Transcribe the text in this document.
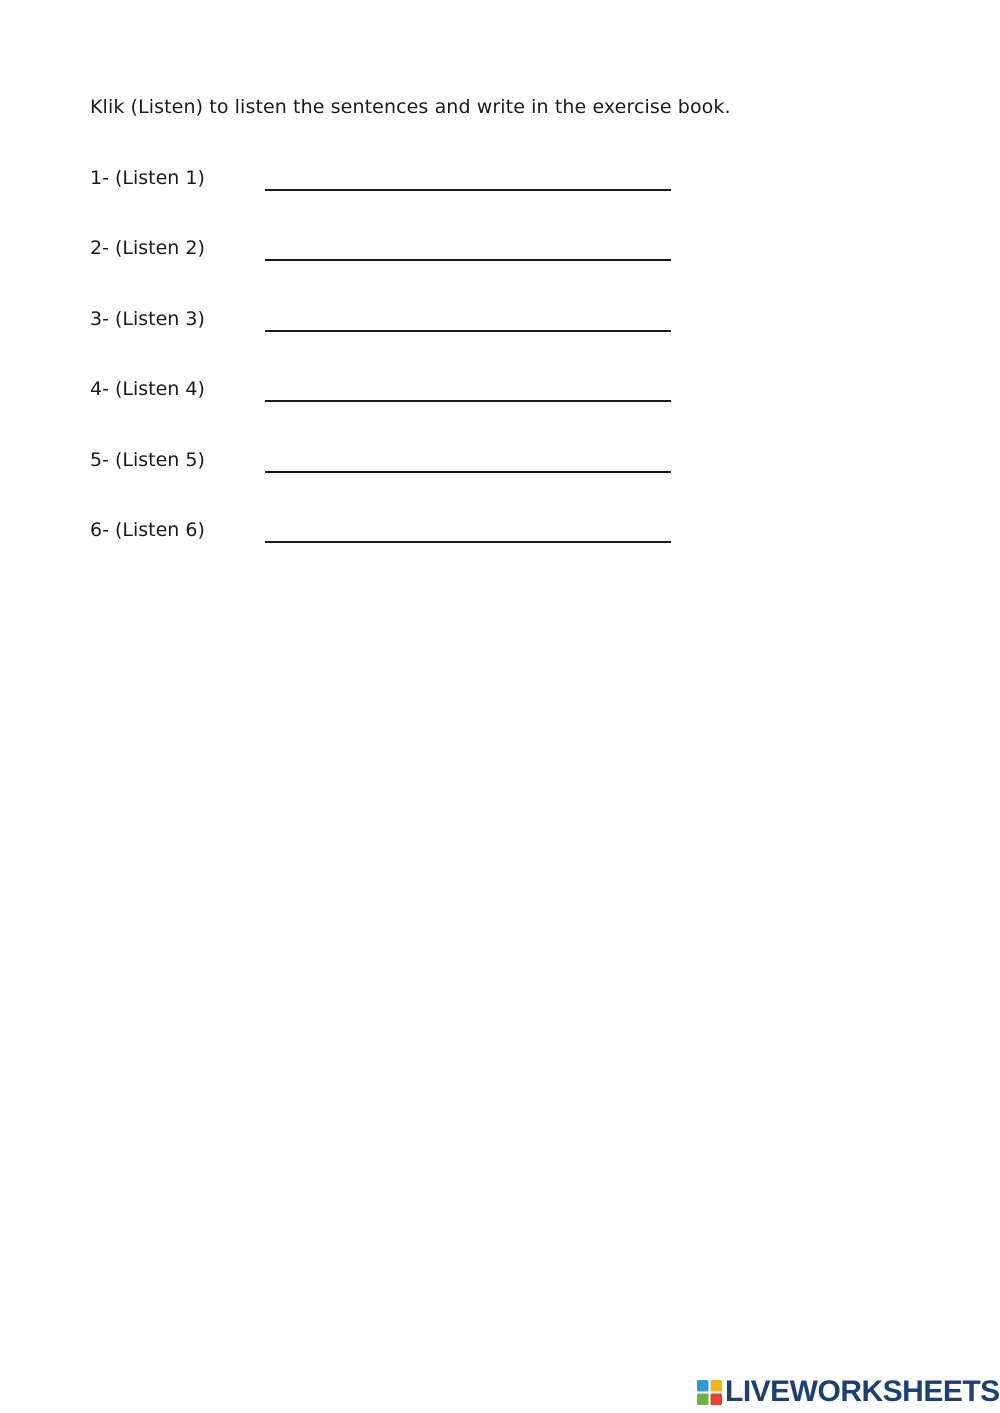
Klik (Listen) to listen the sentences and write in the exercise book.
1- (Listen 1)
2- (Listen 2)
3- (Listen 3)
4- (Listen 4)
5- (Listen 5)
6- (Listen 6)
LIVEWORKSHEETS
